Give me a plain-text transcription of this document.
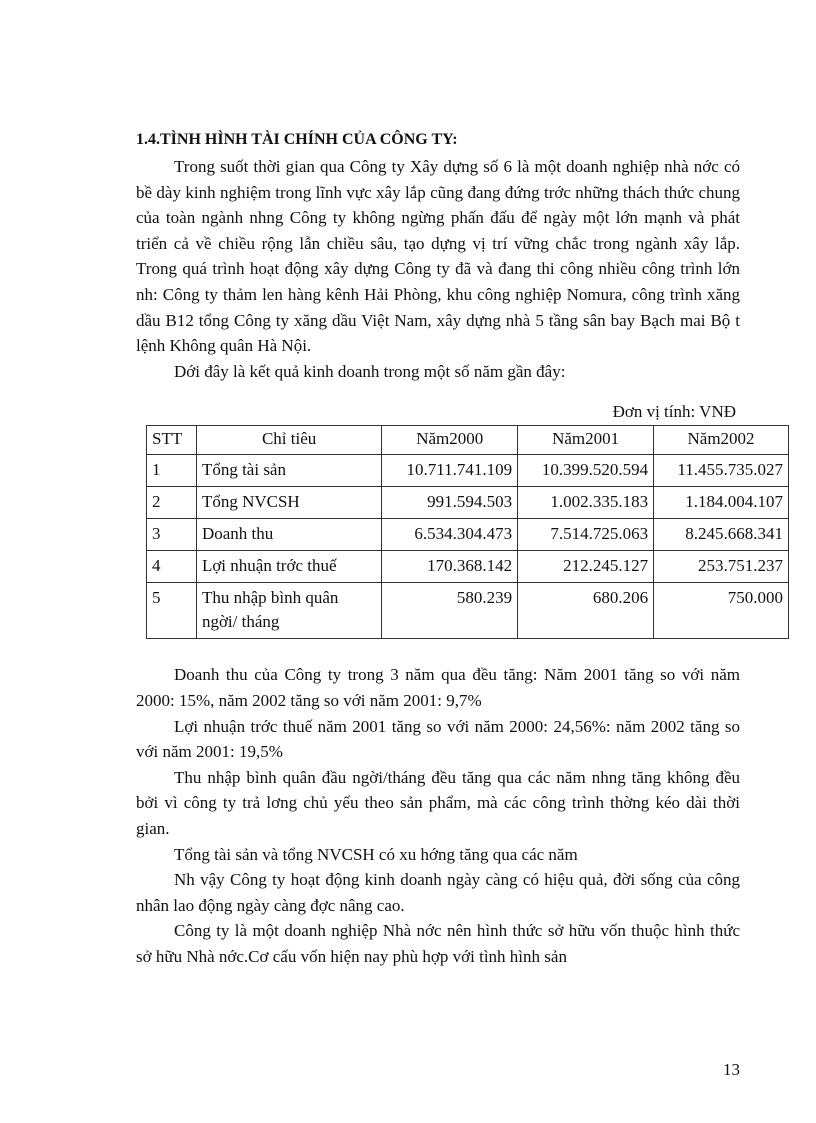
1.4.TÌNH HÌNH TÀI CHÍNH CỦA CÔNG TY:

Trong suốt thời gian qua Công ty Xây dựng số 6 là một doanh nghiệp nhà nớc có bề dày kinh nghiệm trong lĩnh vực xây lắp cũng đang đứng trớc những thách thức chung của toàn ngành nhng Công ty không ngừng phấn đấu để ngày một lớn mạnh và phát triển cả về chiều rộng lẫn chiều sâu, tạo dựng vị trí vững chắc trong ngành xây lắp. Trong quá trình hoạt động xây dựng Công ty đã và đang thi công nhiều công trình lớn nh: Công ty thảm len hàng kênh Hải Phòng, khu công nghiệp Nomura, công trình xăng dầu B12 tổng Công ty xăng dầu Việt Nam, xây dựng nhà 5 tầng sân bay Bạch mai Bộ t lệnh Không quân Hà Nội.

Dới đây là kết quả kinh doanh trong một số năm gần đây:

Đơn vị tính: VNĐ
STT	Chỉ tiêu	Năm2000	Năm2001	Năm2002
1	Tổng tài sản	10.711.741.109	10.399.520.594	11.455.735.027
2	Tổng NVCSH	991.594.503	1.002.335.183	1.184.004.107
3	Doanh thu	6.534.304.473	7.514.725.063	8.245.668.341
4	Lợi nhuận trớc thuế	170.368.142	212.245.127	253.751.237
5	Thu nhập bình quân ngời/ tháng	580.239	680.206	750.000

Doanh thu của Công ty trong 3 năm qua đều tăng: Năm 2001 tăng so với năm 2000: 15%, năm 2002 tăng so với năm 2001: 9,7%

Lợi nhuận trớc thuế năm 2001 tăng so với năm 2000: 24,56%: năm 2002 tăng so với năm 2001: 19,5%

Thu nhập bình quân đầu ngời/tháng đều tăng qua các năm nhng tăng không đều bởi vì công ty trả lơng chủ yếu theo sản phẩm, mà các công trình thờng kéo dài thời gian.

Tổng tài sản và tổng NVCSH có xu hớng tăng qua các năm

Nh vậy Công ty hoạt động kinh doanh ngày càng có hiệu quả, đời sống của công nhân lao động ngày càng đợc nâng cao.

Công ty là một doanh nghiệp Nhà nớc nên hình thức sở hữu vốn thuộc hình thức sở hữu Nhà nớc.Cơ cấu vốn hiện nay phù hợp với tình hình sản

13
